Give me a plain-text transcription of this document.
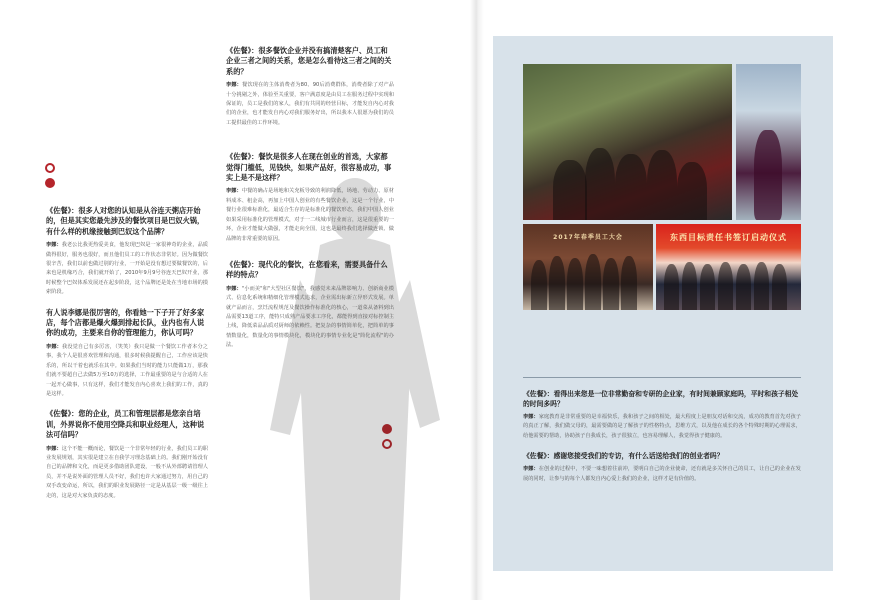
《佐餐》：很多人对您的认知是从谷连天粥店开始的，但是其实您最先涉及的餐饮项目是巴奴火锅，有什么样的机缘接触到巴奴这个品牌？
李娜：我老公比我更热爱美食，他发现巴奴是一家很神奇的企业，品质做得很好，服务也很好，而且他们员工的工作状态非常好。因为做餐饮很辛苦，我们以前也做过别的行业，一开始是没有想过要做餐饮的，后来也是机缘巧合，我们就开始了，2010年9月9号谷连天巴奴开业，那时候整个巴奴体系发展还在起步阶段，这个品牌还是处在当地市场的摸索阶段。
有人说李娜是很厉害的，你看她一下子开了好多家店，每个店都是爆火爆到排起长队，业内也有人说你的成功，主要来自你的管理能力，你认可吗？
李娜：我没觉自己有多厉害，（笑笑）我只是做一个餐饮工作者本分之事，我个人是很喜欢管理和沟通，很多时候我提醒自己，工作应该是快乐的，所以干着也就乐在其中。如果我们当时的能力只能做1万，那我们就不要超自己去做5万至10万的选择，工作最重要的是与合适的人在一起开心做事，只有这样，我们才能发自内心喜欢上我们的工作，真的是这样。
《佐餐》：您的企业，员工和管理层都是您亲自培训，外界说你不使用空降兵和职业经理人，这种说法可信吗？
李娜：这个不能一概而论，餐饮是一个非常年轻的行业，我们员工的职业发展规划，其实很是建立在自我学习理念基础上的。我们刚开始没有自己的品牌和文化，而是更多借助团队建设，一般不从外部聘请管理人员，并不是说外面的管理人员不好，我们也许大家通过努力，用自己的双手改变命运，所以，我们的职业发展路径一定是从基层一级一级往上走的，这是对大家负责的态度。
《佐餐》：很多餐饮企业并没有搞清楚客户、员工和企业三者之间的关系，您是怎么看待这三者之间的关系的？
李娜：餐饮现在的主体消费者为80、90后消费群体，消费者除了对产品十分挑剔之外，体验至关重要，客户满意度是由员工在服务过程中实现和保证的，员工是我们的家人，我们有共同的经营目标，才能发自内心对我们的企业，也才能发自内心对我们服务好出，所以我本人很愿为我们的员工提供最佳的工作环境。
《佐餐》：餐饮是很多人在现在创业的首选，大家都觉得门槛低，见钱快，如果产品好，很容易成功，事实上是不是这样？
李娜：中餐的确占是场地和关充板导致的利润降低，场地、劳动力、原材料成本、租金高，再加上中国人创业的有些餐饮企业，这是一个行业，中餐行业很难标准化，最适合生存的是标准化的餐饮形态，我们中国人创业如果采用标准化的管理模式，对于一二线城市行业而言，这是很重要的一环，企业才能做大做强，才能走向全国，这也是最终我们选择做连锁、做品牌的非常重要的原因。
《佐餐》：现代化的餐饮，在您看来，需要具备什么样的特点？
李娜："小而美"和"大型社区餐饮"，我感觉未来品牌影响力、创新商业模式、信息化系统和精细化管理模式追求，企业需出标新立异形式发展。单就产品而言，烹饪流程规范及餐饮操作标准化的核心，一道菜从备料到出品需要13道工序，能特只成熟产品要求工序化，都能得到直接对标控制主上线，降低菜品品质对厨师的依赖性。把复杂的事情简单化，把简单的事情数量化，数量化的事情模块化，模块化的事情专业化是"简化流程"的办法。
2017年春季员工大会	东西目标责任书签订启动仪式
《佐餐》：看得出来您是一位非常勤奋和专研的企业家，有时间兼顾家庭吗，平时和孩子相处的时间多吗？
李娜：家庭教育是非常重要的是幸福快乐，我和孩子之间的相处，最大程度上是朋友对话和交流，成功的教育首先对孩子的真正了解，我们做父母的，最需要做的是了解孩子的性格特点，思维方式，以及他在成长的各个特殊时期的心理需求，给他需要的帮助，协助孩子自我成长，孩子很独立，也容易理解人，我觉得孩子健康的。
《佐餐》：感谢您接受我们的专访，有什么话送给我们的创业者吗？
李娜：在创业的过程中，不要一味想着往前冲，要明白自己的企业使命，还有就是多关怀自己的员工，让自己的企业在发展的同时，让参与的每个人都发自内心爱上我们的企业，这样才是有价值的。
